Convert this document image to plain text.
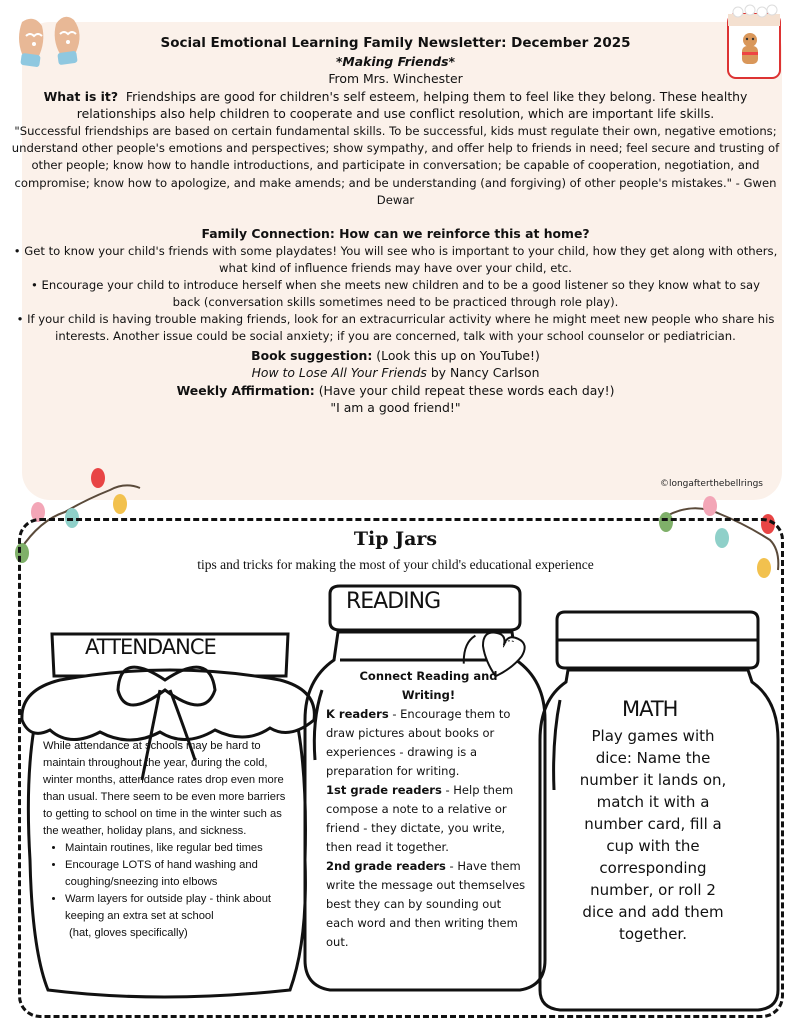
Social Emotional Learning Family Newsletter: December 2025

*Making Friends*

From Mrs. Winchester

What is it? Friendships are good for children's self esteem, helping them to feel like they belong. These healthy relationships also help children to cooperate and use conflict resolution, which are important life skills.

"Successful friendships are based on certain fundamental skills. To be successful, kids must regulate their own, negative emotions; understand other people's emotions and perspectives; show sympathy, and offer help to friends in need; feel secure and trusting of other people; know how to handle introductions, and participate in conversation; be capable of cooperation, negotiation, and compromise; know how to apologize, and make amends; and be understanding (and forgiving) of other people's mistakes." - Gwen Dewar

Family Connection: How can we reinforce this at home?

• Get to know your child's friends with some playdates! You will see who is important to your child, how they get along with others, what kind of influence friends may have over your child, etc.

• Encourage your child to introduce herself when she meets new children and to be a good listener so they know what to say back (conversation skills sometimes need to be practiced through role play).

• If your child is having trouble making friends, look for an extracurricular activity where he might meet new people who share his interests. Another issue could be social anxiety; if you are concerned, talk with your school counselor or pediatrician.

Book suggestion: (Look this up on YouTube!)

How to Lose All Your Friends by Nancy Carlson

Weekly Affirmation: (Have your child repeat these words each day!)

"I am a good friend!"

©longafterthebellrings
Tip Jars
tips and tricks for making the most of your child's educational experience
ATTENDANCE
READING
MATH
While attendance at schools may be hard to maintain throughout the year, during the cold, winter months, attendance rates drop even more than usual. There seem to be even more barriers to getting to school on time in the winter such as the weather, holiday plans, and sickness.
• Maintain routines, like regular bed times
• Encourage LOTS of hand washing and coughing/sneezing into elbows
• Warm layers for outside play - think about keeping an extra set at school
(hat, gloves specifically)
Connect Reading and Writing!
K readers - Encourage them to draw pictures about books or experiences - drawing is a preparation for writing.
1st grade readers - Help them compose a note to a relative or friend - they dictate, you write, then read it together.
2nd grade readers - Have them write the message out themselves best they can by sounding out each word and then writing them out.
Play games with dice: Name the number it lands on, match it with a number card, fill a cup with the corresponding number, or roll 2 dice and add them together.
